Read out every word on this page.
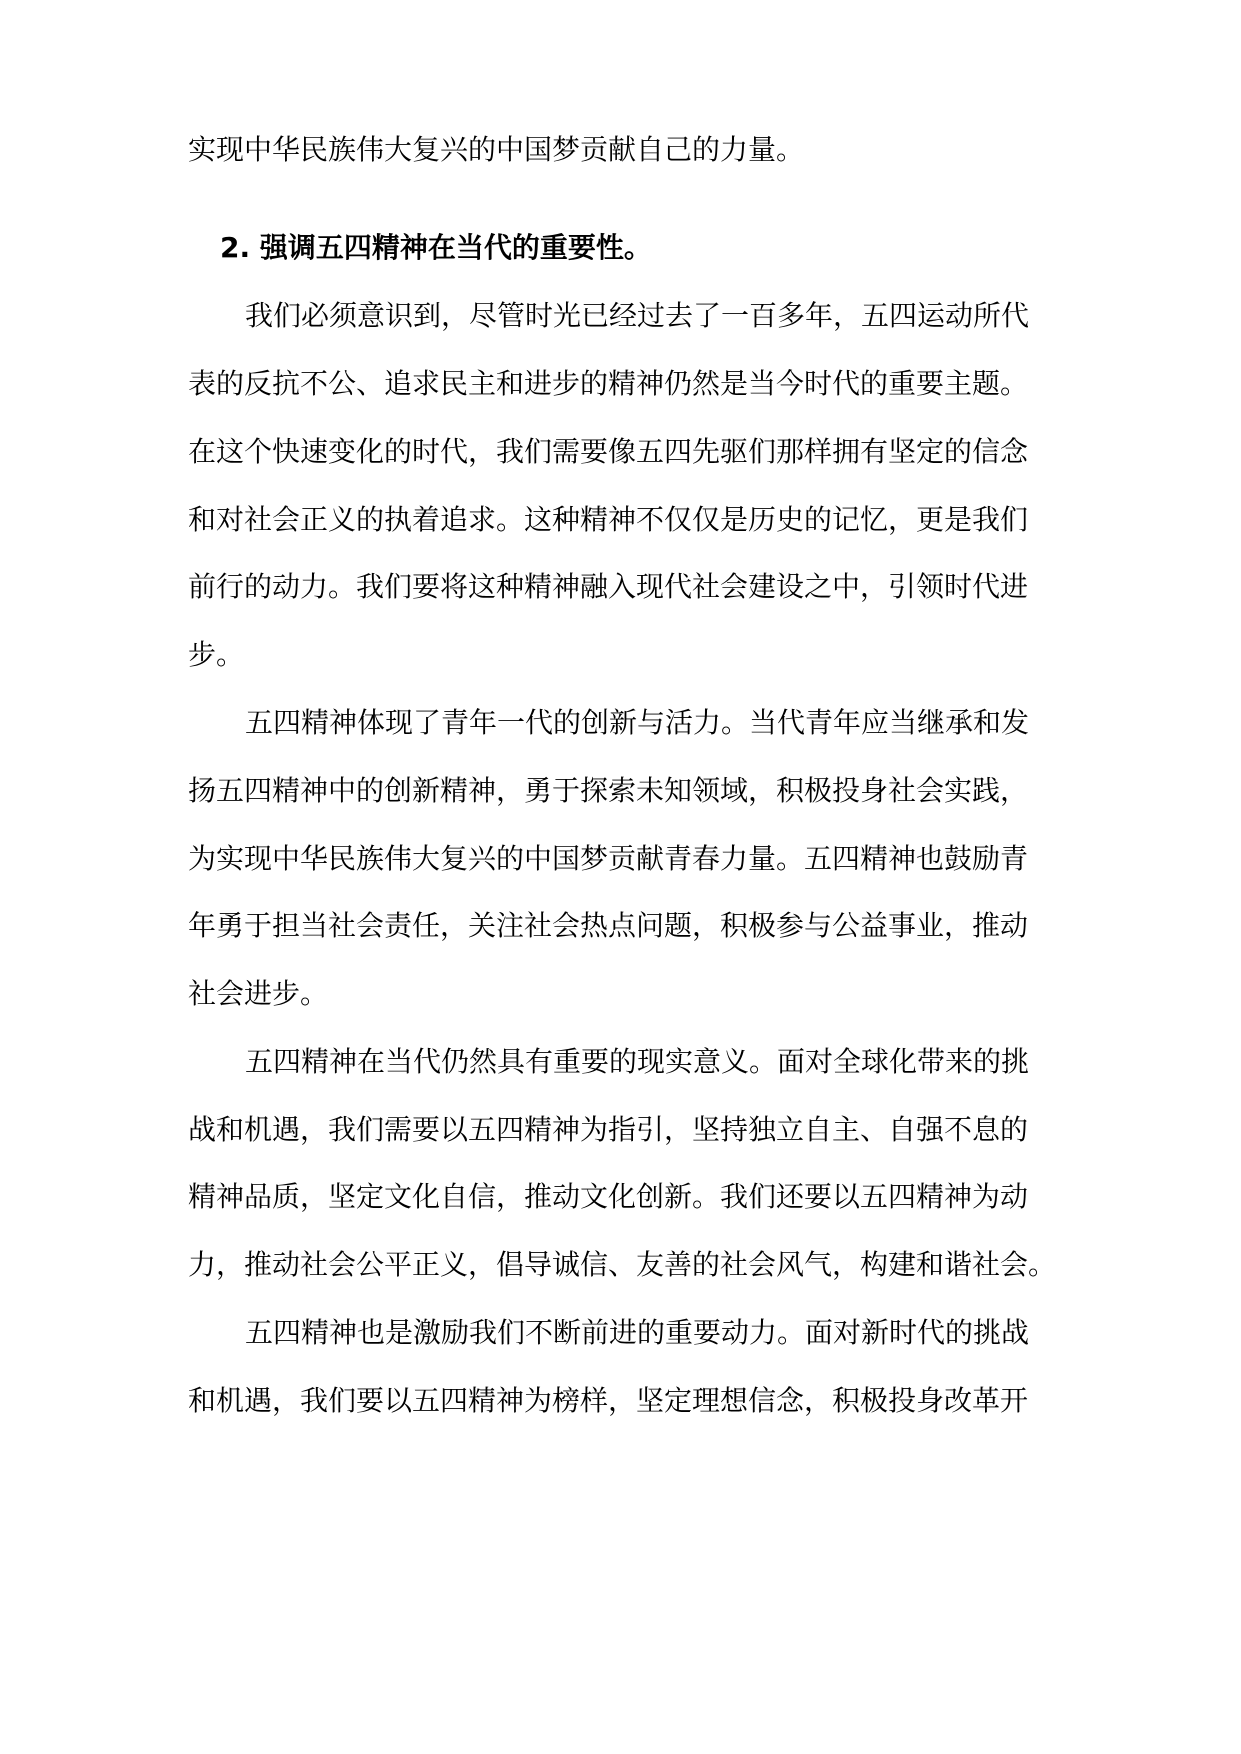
实现中华民族伟大复兴的中国梦贡献自己的力量。
2. 强调五四精神在当代的重要性。
我们必须意识到，尽管时光已经过去了一百多年，五四运动所代
表的反抗不公、追求民主和进步的精神仍然是当今时代的重要主题。
在这个快速变化的时代，我们需要像五四先驱们那样拥有坚定的信念
和对社会正义的执着追求。这种精神不仅仅是历史的记忆，更是我们
前行的动力。我们要将这种精神融入现代社会建设之中，引领时代进
步。
五四精神体现了青年一代的创新与活力。当代青年应当继承和发
扬五四精神中的创新精神，勇于探索未知领域，积极投身社会实践，
为实现中华民族伟大复兴的中国梦贡献青春力量。五四精神也鼓励青
年勇于担当社会责任，关注社会热点问题，积极参与公益事业，推动
社会进步。
五四精神在当代仍然具有重要的现实意义。面对全球化带来的挑
战和机遇，我们需要以五四精神为指引，坚持独立自主、自强不息的
精神品质，坚定文化自信，推动文化创新。我们还要以五四精神为动
力，推动社会公平正义，倡导诚信、友善的社会风气，构建和谐社会。
五四精神也是激励我们不断前进的重要动力。面对新时代的挑战
和机遇，我们要以五四精神为榜样，坚定理想信念，积极投身改革开
